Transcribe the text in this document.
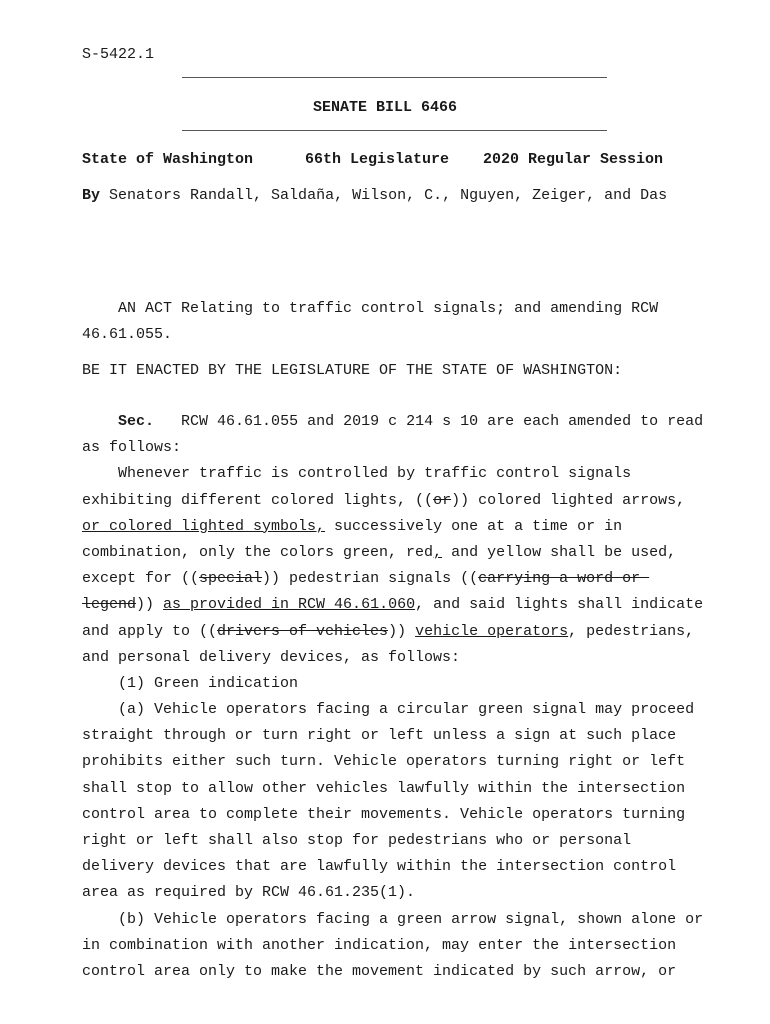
S-5422.1
SENATE BILL 6466
State of Washington	66th Legislature 2020 Regular Session
By Senators Randall, Saldaña, Wilson, C., Nguyen, Zeiger, and Das
AN ACT Relating to traffic control signals; and amending RCW
46.61.055.
BE IT ENACTED BY THE LEGISLATURE OF THE STATE OF WASHINGTON:
Sec. RCW 46.61.055 and 2019 c 214 s 10 are each amended to read
as follows:
Whenever traffic is controlled by traffic control signals
exhibiting different colored lights, ((or)) colored lighted arrows,
or colored lighted symbols, successively one at a time or in
combination, only the colors green, red, and yellow shall be used,
except for ((special)) pedestrian signals ((carrying a word or
legend)) as provided in RCW 46.61.060, and said lights shall indicate
and apply to ((drivers of vehicles)) vehicle operators, pedestrians,
and personal delivery devices, as follows:
(1) Green indication
(a) Vehicle operators facing a circular green signal may proceed
straight through or turn right or left unless a sign at such place
prohibits either such turn. Vehicle operators turning right or left
shall stop to allow other vehicles lawfully within the intersection
control area to complete their movements. Vehicle operators turning
right or left shall also stop for pedestrians who or personal
delivery devices that are lawfully within the intersection control
area as required by RCW 46.61.235(1).
(b) Vehicle operators facing a green arrow signal, shown alone or
in combination with another indication, may enter the intersection
control area only to make the movement indicated by such arrow, or
